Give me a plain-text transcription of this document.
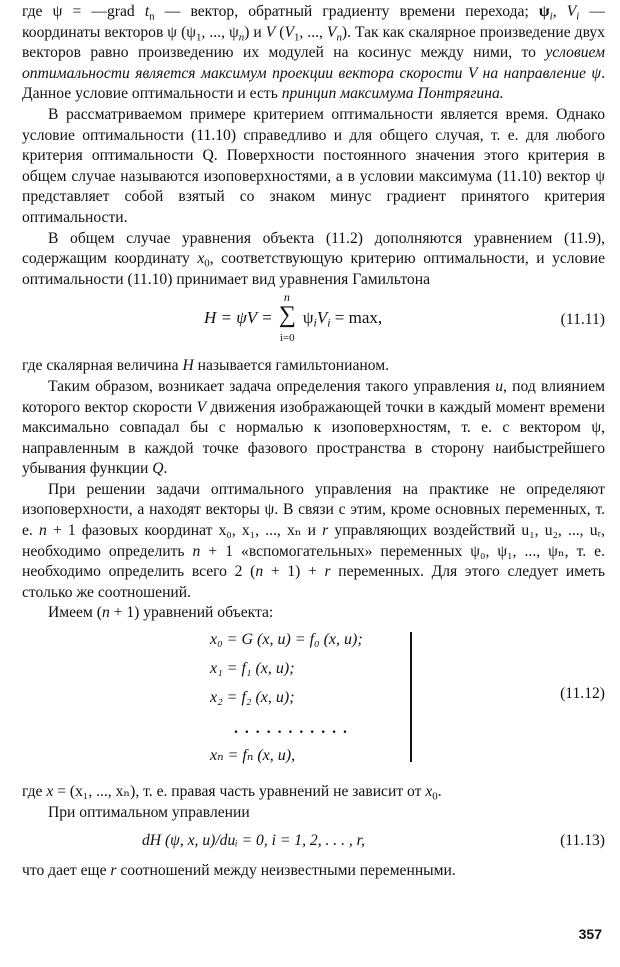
где ψ = —grad $t_n$ — вектор, обратный градиенту времени перехода; $\psi_i$, $V_i$ — координаты векторов ψ ($\psi_1$, ..., $\psi_n$) и V ($V_1$, ..., $V_n$). Так как скалярное произведение двух векторов равно произведению их модулей на косинус между ними, то условием оптимальности является максимум проекции вектора скорости V на направление ψ. Данное условие оптимальности и есть принцип максимума Понтрягина.

В рассматриваемом примере критерием оптимальности является время. Однако условие оптимальности (11.10) справедливо и для общего случая, т. е. для любого критерия оптимальности Q. Поверхности постоянного значения этого критерия в общем случае называются изоповерхностями, а в условии максимума (11.10) вектор ψ представляет собой взятый со знаком минус градиент принятого критерия оптимальности.

В общем случае уравнения объекта (11.2) дополняются уравнением (11.9), содержащим координату $x_0$, соответствующую критерию оптимальности, и условие оптимальности (11.10) принимает вид уравнения Гамильтона

H = ψV =
n
∑
i=0
$\psi_iV_i = \max$,	(11.11)

где скалярная величина H называется гамильтонианом.

Таким образом, возникает задача определения такого управления u, под влиянием которого вектор скорости V движения изображающей точки в каждый момент времени максимально совпадал бы с нормалью к изоповерхностям, т. е. с вектором ψ, направленным в каждой точке фазового пространства в сторону наибыстрейшего убывания функции Q.

При решении задачи оптимального управления на практике не определяют изоповерхности, а находят векторы ψ. В связи с этим, кроме основных переменных, т. е. n + 1 фазовых координат x₀, x₁, ..., xₙ и r управляющих воздействий u₁, u₂, ..., uᵣ, необходимо определить n + 1 «вспомогательных» переменных ψ₀, ψ₁, ..., ψₙ, т. е. необходимо определить всего 2 (n + 1) + r переменных. Для этого следует иметь столько же соотношений.

Имеем (n + 1) уравнений объекта:

x₀ = G (x, u) = f₀ (x, u);
x₁ = f₁ (x, u);
x₂ = f₂ (x, u);
...........
xₙ = fₙ (x, u),
(11.12)

где x = (x₁, ..., xₙ), т. е. правая часть уравнений не зависит от $x_0$.

При оптимальном управлении

dH (ψ, x, u)/duᵢ = 0, i = 1, 2, . . . , r,	(11.13)

что дает еще r соотношений между неизвестными переменными.

357
